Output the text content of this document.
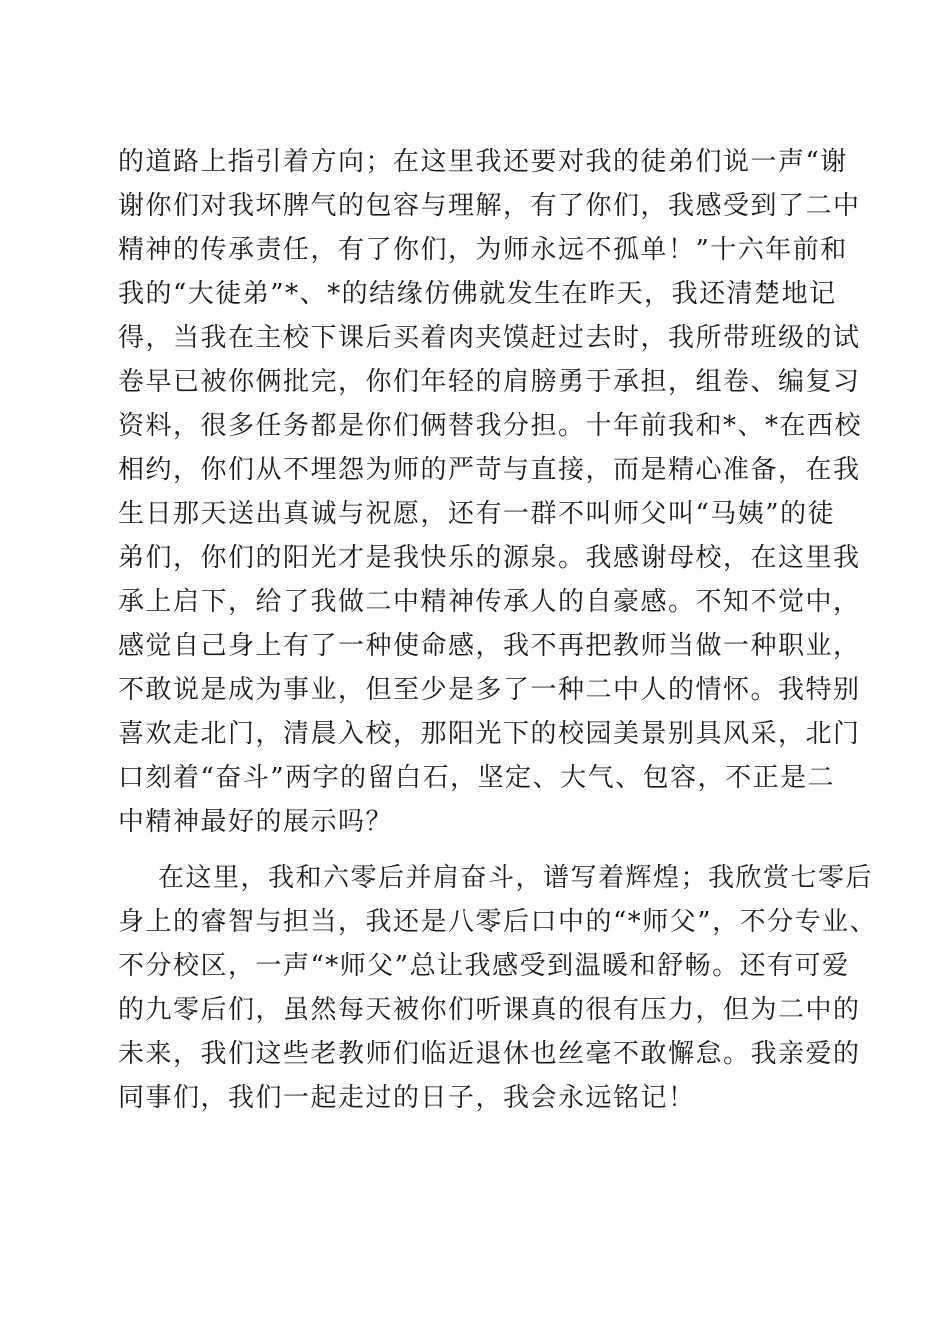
的道路上指引着方向；在这里我还要对我的徒弟们说一声“谢
谢你们对我坏脾气的包容与理解，有了你们，我感受到了二中
精神的传承责任，有了你们，为师永远不孤单！”十六年前和
我的“大徒弟”*、*的结缘仿佛就发生在昨天，我还清楚地记
得，当我在主校下课后买着肉夹馍赶过去时，我所带班级的试
卷早已被你俩批完，你们年轻的肩膀勇于承担，组卷、编复习
资料，很多任务都是你们俩替我分担。十年前我和*、*在西校
相约，你们从不埋怨为师的严苛与直接，而是精心准备，在我
生日那天送出真诚与祝愿，还有一群不叫师父叫“马姨”的徒
弟们，你们的阳光才是我快乐的源泉。我感谢母校，在这里我
承上启下，给了我做二中精神传承人的自豪感。不知不觉中，
感觉自己身上有了一种使命感，我不再把教师当做一种职业，
不敢说是成为事业，但至少是多了一种二中人的情怀。我特别
喜欢走北门，清晨入校，那阳光下的校园美景别具风采，北门
口刻着“奋斗”两字的留白石，坚定、大气、包容，不正是二
中精神最好的展示吗？
在这里，我和六零后并肩奋斗，谱写着辉煌；我欣赏七零后
身上的睿智与担当，我还是八零后口中的“*师父”，不分专业、
不分校区，一声“*师父”总让我感受到温暖和舒畅。还有可爱
的九零后们，虽然每天被你们听课真的很有压力，但为二中的
未来，我们这些老教师们临近退休也丝毫不敢懈怠。我亲爱的
同事们，我们一起走过的日子，我会永远铭记！
